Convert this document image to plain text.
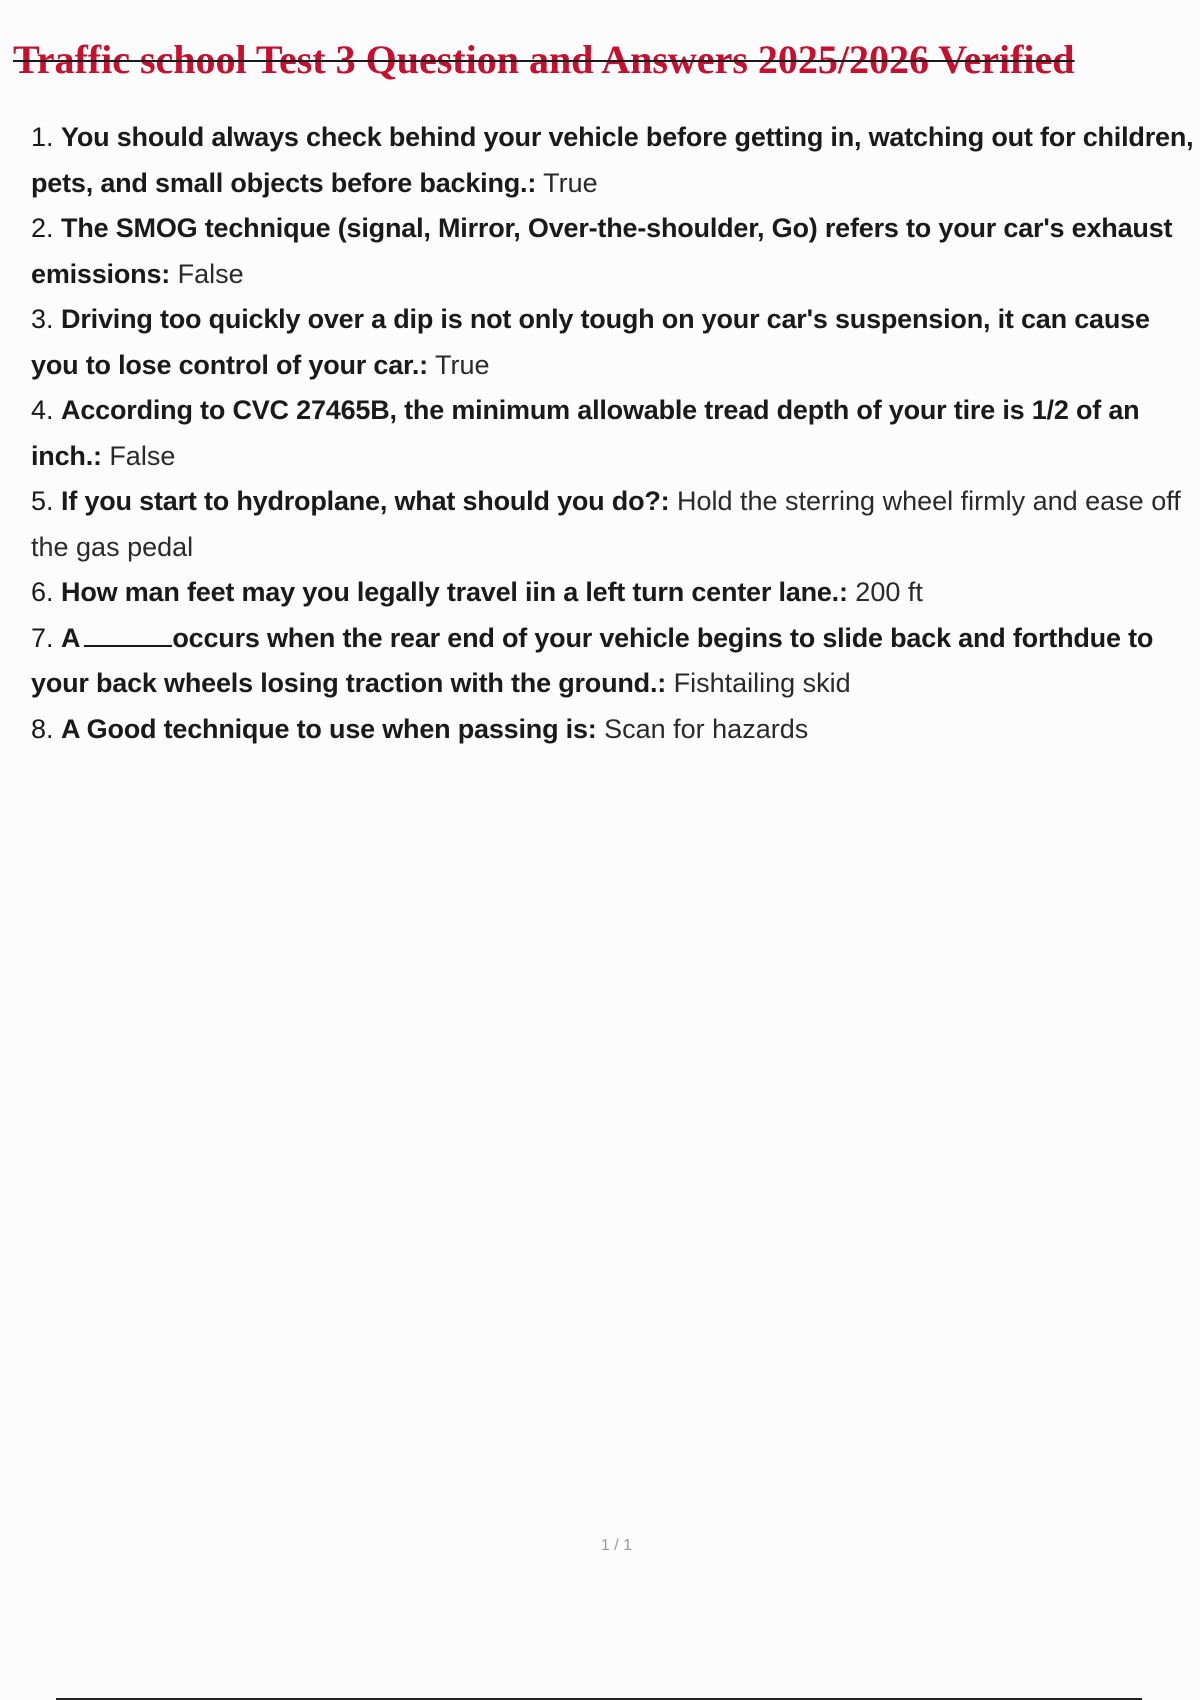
Traffic school Test 3 Question and Answers 2025/2026 Verified
1. You should always check behind your vehicle before getting in, watching out for children, pets, and small objects before backing.: True
2. The SMOG technique (signal, Mirror, Over-the-shoulder, Go) refers to your car's exhaust emissions: False
3. Driving too quickly over a dip is not only tough on your car's suspension, it can cause you to lose control of your car.: True
4. According to CVC 27465B, the minimum allowable tread depth of your tire is 1/2 of an inch.: False
5. If you start to hydroplane, what should you do?: Hold the sterring wheel firmly and ease off the gas pedal
6. How man feet may you legally travel iin a left turn center lane.: 200 ft
7. A	occurs when the rear end of your vehicle begins to slide back and forthdue to your back wheels losing traction with the ground.: Fishtailing skid
8. A Good technique to use when passing is: Scan for hazards
1 / 1
